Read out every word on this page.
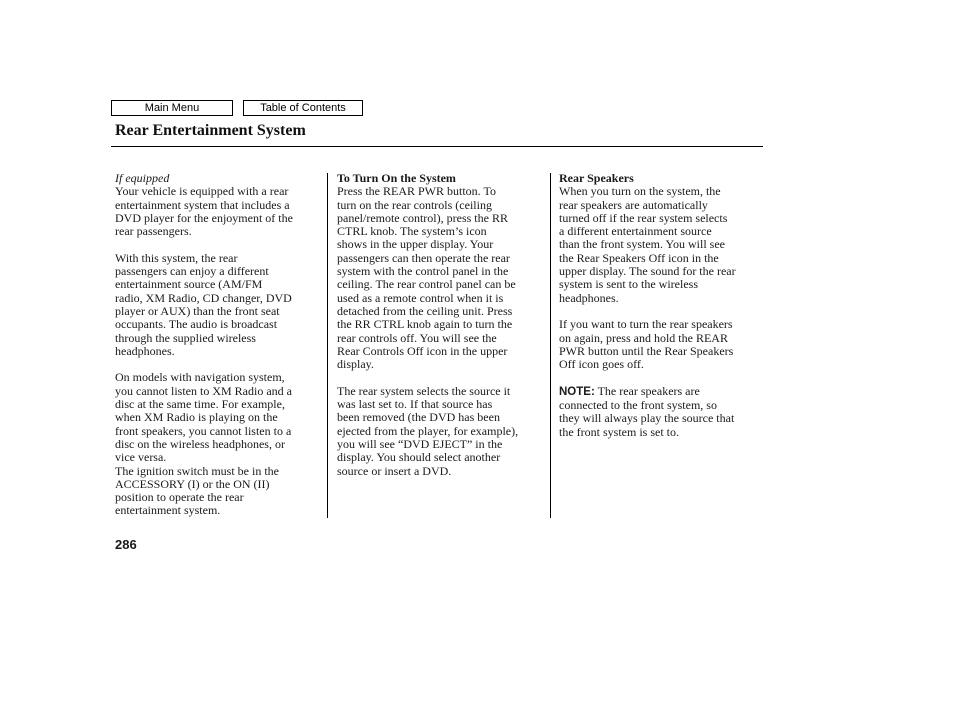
Main Menu	Table of Contents
Rear Entertainment System
If equipped
Your vehicle is equipped with a rear
entertainment system that includes a
DVD player for the enjoyment of the
rear passengers.
With this system, the rear
passengers can enjoy a different
entertainment source (AM/FM
radio, XM Radio, CD changer, DVD
player or AUX) than the front seat
occupants. The audio is broadcast
through the supplied wireless
headphones.
On models with navigation system,
you cannot listen to XM Radio and a
disc at the same time. For example,
when XM Radio is playing on the
front speakers, you cannot listen to a
disc on the wireless headphones, or
vice versa.
The ignition switch must be in the
ACCESSORY (I) or the ON (II)
position to operate the rear
entertainment system.
To Turn On the System
Press the REAR PWR button. To
turn on the rear controls (ceiling
panel/remote control), press the RR
CTRL knob. The system’s icon
shows in the upper display. Your
passengers can then operate the rear
system with the control panel in the
ceiling. The rear control panel can be
used as a remote control when it is
detached from the ceiling unit. Press
the RR CTRL knob again to turn the
rear controls off. You will see the
Rear Controls Off icon in the upper
display.
The rear system selects the source it
was last set to. If that source has
been removed (the DVD has been
ejected from the player, for example),
you will see “DVD EJECT” in the
display. You should select another
source or insert a DVD.
Rear Speakers
When you turn on the system, the
rear speakers are automatically
turned off if the rear system selects
a different entertainment source
than the front system. You will see
the Rear Speakers Off icon in the
upper display. The sound for the rear
system is sent to the wireless
headphones.
If you want to turn the rear speakers
on again, press and hold the REAR
PWR button until the Rear Speakers
Off icon goes off.
NOTE: The rear speakers are
connected to the front system, so
they will always play the source that
the front system is set to.
286
